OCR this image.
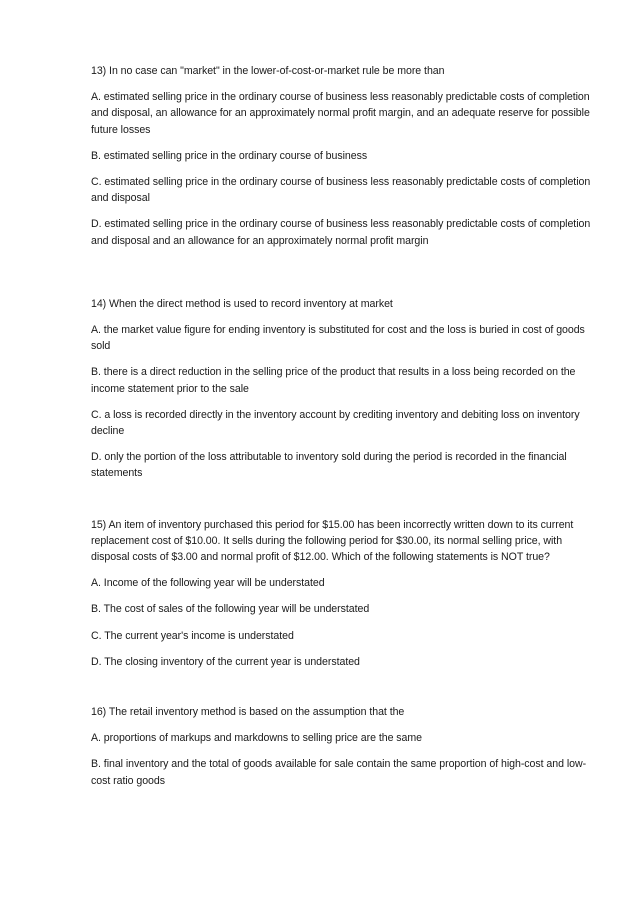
13) In no case can "market" in the lower-of-cost-or-market rule be more than

A. estimated selling price in the ordinary course of business less reasonably predictable costs of completion and disposal, an allowance for an approximately normal profit margin, and an adequate reserve for possible future losses

B. estimated selling price in the ordinary course of business

C. estimated selling price in the ordinary course of business less reasonably predictable costs of completion and disposal

D. estimated selling price in the ordinary course of business less reasonably predictable costs of completion and disposal and an allowance for an approximately normal profit margin

14) When the direct method is used to record inventory at market

A. the market value figure for ending inventory is substituted for cost and the loss is buried in cost of goods sold

B. there is a direct reduction in the selling price of the product that results in a loss being recorded on the income statement prior to the sale

C. a loss is recorded directly in the inventory account by crediting inventory and debiting loss on inventory decline

D. only the portion of the loss attributable to inventory sold during the period is recorded in the financial statements

15) An item of inventory purchased this period for $15.00 has been incorrectly written down to its current replacement cost of $10.00. It sells during the following period for $30.00, its normal selling price, with disposal costs of $3.00 and normal profit of $12.00. Which of the following statements is NOT true?

A. Income of the following year will be understated

B. The cost of sales of the following year will be understated

C. The current year's income is understated

D. The closing inventory of the current year is understated

16) The retail inventory method is based on the assumption that the

A. proportions of markups and markdowns to selling price are the same

B. final inventory and the total of goods available for sale contain the same proportion of high-cost and low-cost ratio goods
